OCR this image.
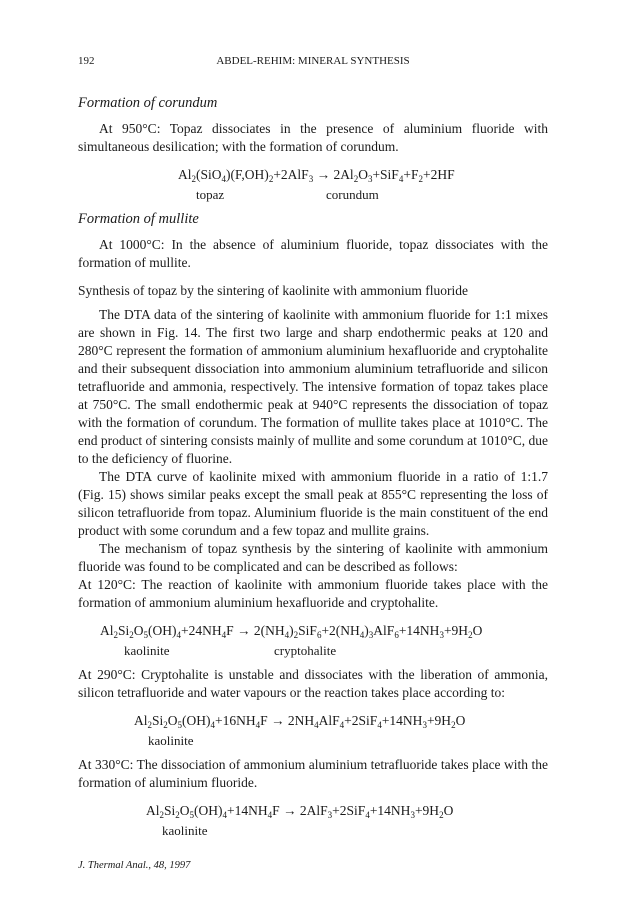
192	ABDEL-REHIM: MINERAL SYNTHESIS
Formation of corundum

At 950°C: Topaz dissociates in the presence of aluminium fluoride with simultaneous desilication; with the formation of corundum.

$Al_2(SiO_4)(F,OH)_2+2AlF_3 \to 2Al_2O_3+SiF_4+F_2+2HF$
topaz	corundum
Formation of mullite

At 1000°C: In the absence of aluminium fluoride, topaz dissociates with the formation of mullite.

Synthesis of topaz by the sintering of kaolinite with ammonium fluoride

The DTA data of the sintering of kaolinite with ammonium fluoride for 1:1 mixes are shown in Fig. 14. The first two large and sharp endothermic peaks at 120 and 280°C represent the formation of ammonium aluminium hexafluoride and cryptohalite and their subsequent dissociation into ammonium aluminium tetrafluoride and silicon tetrafluoride and ammonia, respectively. The intensive formation of topaz takes place at 750°C. The small endothermic peak at 940°C represents the dissociation of topaz with the formation of corundum. The formation of mullite takes place at 1010°C. The end product of sintering consists mainly of mullite and some corundum at 1010°C, due to the deficiency of fluorine.

The DTA curve of kaolinite mixed with ammonium fluoride in a ratio of 1:1.7 (Fig. 15) shows similar peaks except the small peak at 855°C representing the loss of silicon tetrafluoride from topaz. Aluminium fluoride is the main constituent of the end product with some corundum and a few topaz and mullite grains.

The mechanism of topaz synthesis by the sintering of kaolinite with ammonium fluoride was found to be complicated and can be described as follows:

At 120°C: The reaction of kaolinite with ammonium fluoride takes place with the formation of ammonium aluminium hexafluoride and cryptohalite.

$Al_2Si_2O_5(OH)_4+24NH_4F \to 2(NH_4)_2SiF_6+2(NH_4)_3AlF_6+14NH_3+9H_2O$
kaolinite	cryptohalite

At 290°C: Cryptohalite is unstable and dissociates with the liberation of ammonia, silicon tetrafluoride and water vapours or the reaction takes place according to:

$Al_2Si_2O_5(OH)_4+16NH_4F \to 2NH_4AlF_4+2SiF_4+14NH_3+9H_2O$
kaolinite

At 330°C: The dissociation of ammonium aluminium tetrafluoride takes place with the formation of aluminium fluoride.

$Al_2Si_2O_5(OH)_4+14NH_4F \to 2AlF_3+2SiF_4+14NH_3+9H_2O$
kaolinite
J. Thermal Anal., 48, 1997
